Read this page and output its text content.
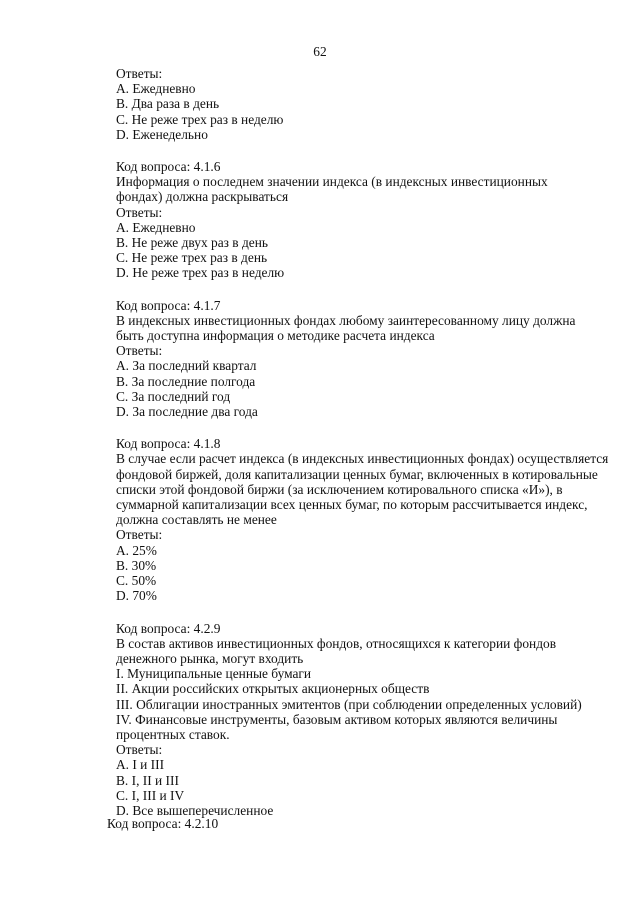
62
Ответы:
A. Ежедневно
B. Два раза в день
C. Не реже трех раз в неделю
D. Еженедельно
Код вопроса: 4.1.6
Информация о последнем значении индекса (в индексных инвестиционных фондах) должна раскрываться
Ответы:
A. Ежедневно
B. Не реже двух раз в день
C. Не реже трех раз в день
D. Не реже трех раз в неделю
Код вопроса: 4.1.7
В индексных инвестиционных фондах любому заинтересованному лицу должна быть доступна информация о методике расчета индекса
Ответы:
A. За последний квартал
B. За последние полгода
C. За последний год
D. За последние два года
Код вопроса: 4.1.8
В случае если расчет индекса (в индексных инвестиционных фондах) осуществляется фондовой биржей, доля капитализации ценных бумаг, включенных в котировальные списки этой фондовой биржи (за исключением котировального списка «И»), в суммарной капитализации всех ценных бумаг, по которым рассчитывается индекс, должна составлять не менее
Ответы:
A. 25%
B. 30%
C. 50%
D. 70%
Код вопроса: 4.2.9
В состав активов инвестиционных фондов, относящихся к категории фондов денежного рынка, могут входить
I. Муниципальные ценные бумаги
II. Акции российских открытых акционерных обществ
III. Облигации иностранных эмитентов (при соблюдении определенных условий)
IV. Финансовые инструменты, базовым активом которых являются величины процентных ставок.
Ответы:
A. I и III
B. I, II и III
C. I, III и IV
D. Все вышеперечисленное
Код вопроса: 4.2.10
